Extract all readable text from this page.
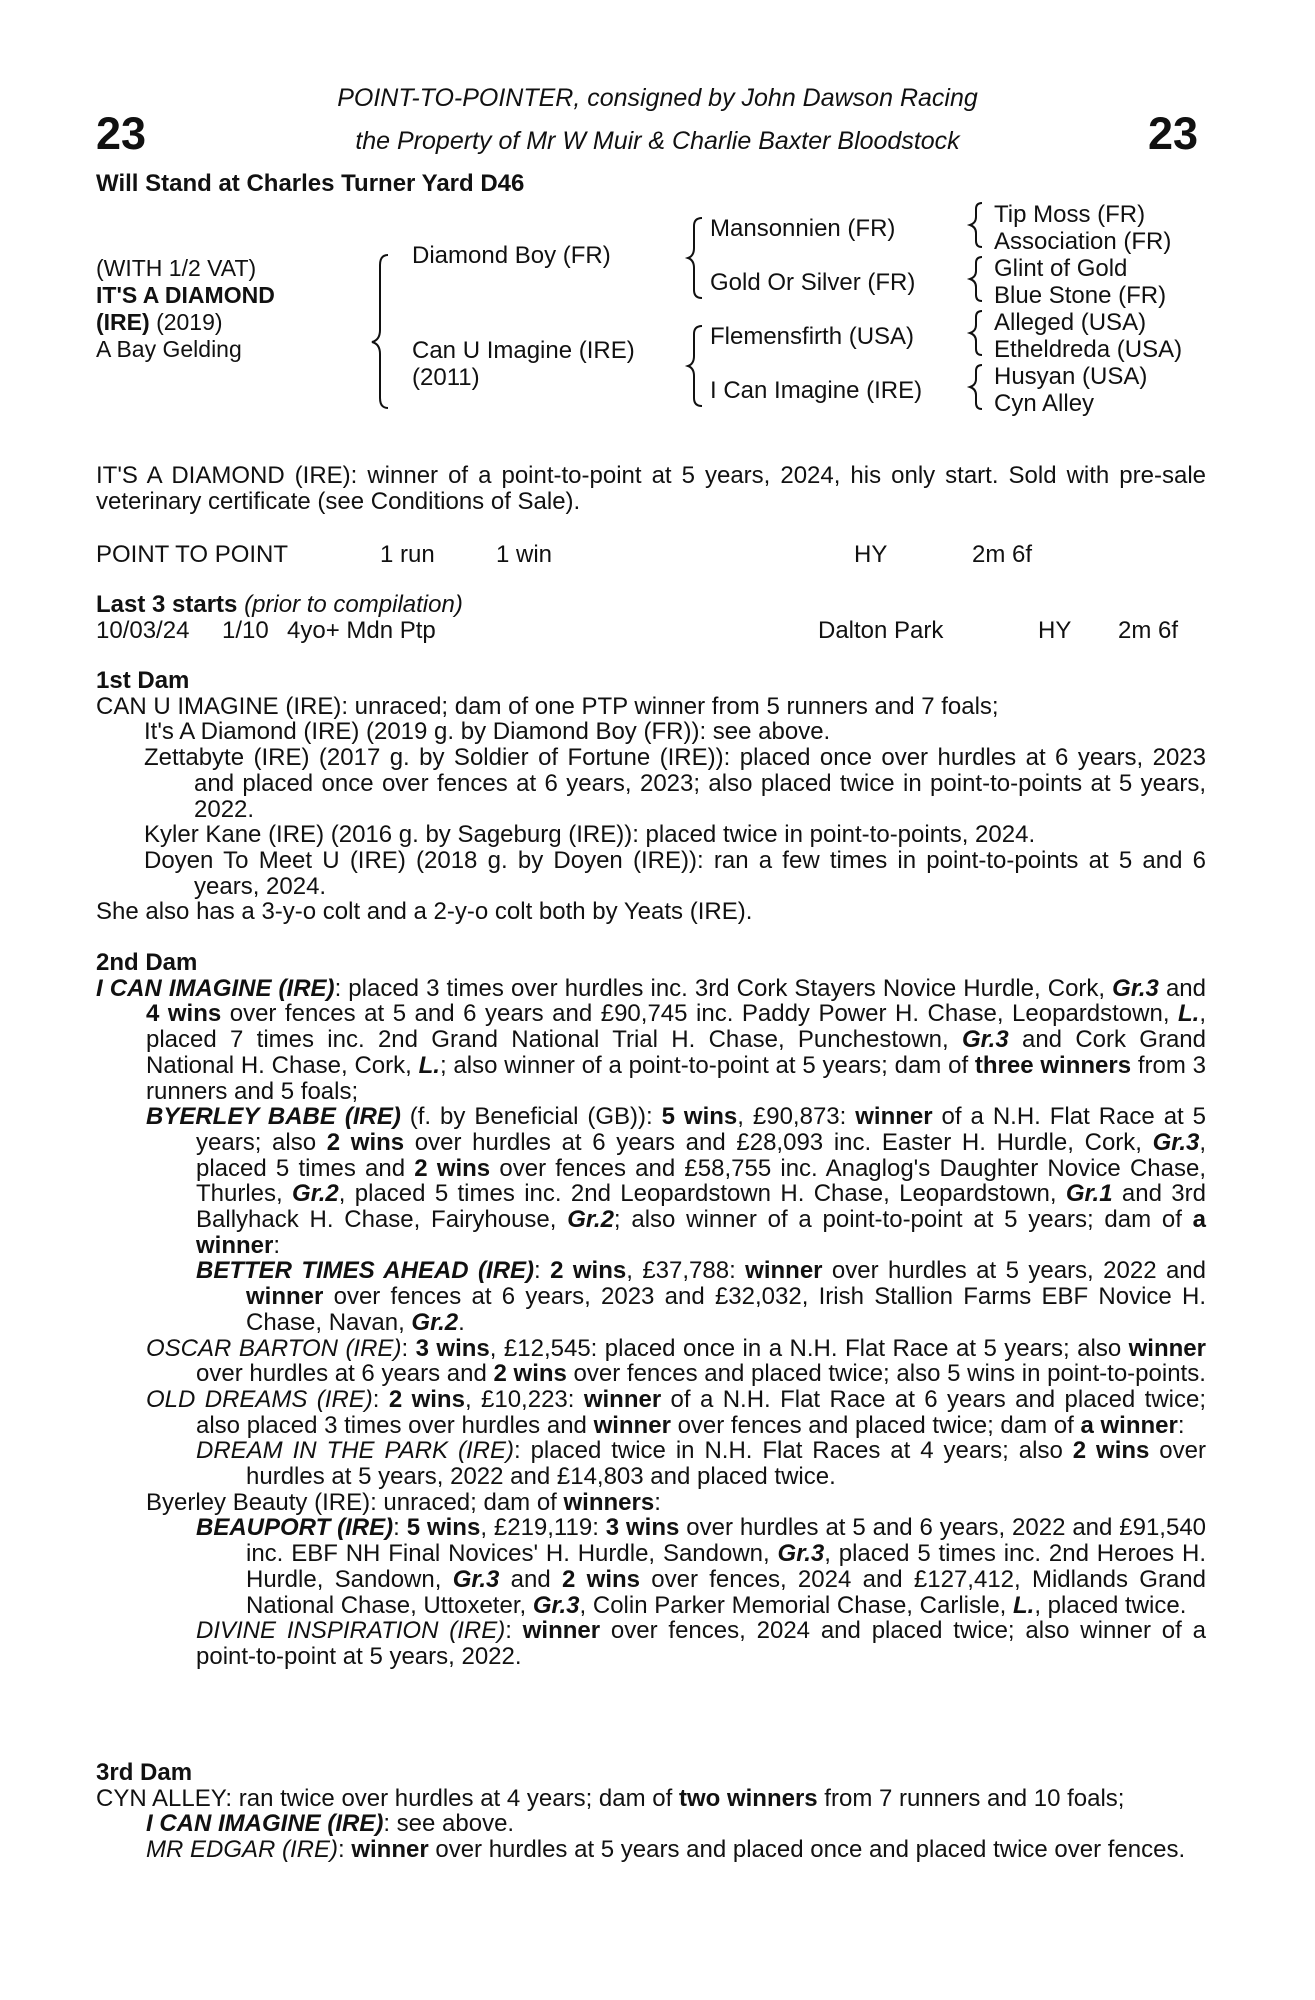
23	23
POINT-TO-POINTER, consigned by John Dawson Racing
the Property of Mr W Muir & Charlie Baxter Bloodstock
Will Stand at Charles Turner Yard D46
(WITH 1/2 VAT)
IT'S A DIAMOND
(IRE) (2019)
A Bay Gelding
Diamond Boy (FR)
Can U Imagine (IRE)
(2011)
Mansonnien (FR)
Gold Or Silver (FR)
Flemensfirth (USA)
I Can Imagine (IRE)
Tip Moss (FR)
Association (FR)
Glint of Gold
Blue Stone (FR)
Alleged (USA)
Etheldreda (USA)
Husyan (USA)
Cyn Alley

IT'S A DIAMOND (IRE): winner of a point-to-point at 5 years, 2024, his only start. Sold with pre-sale veterinary certificate (see Conditions of Sale).

POINT TO POINT	1 run	1 win	HY	2m 6f
Last 3 starts (prior to compilation)
10/03/24 1/10 4yo+ Mdn Ptp	Dalton Park	HY 2m 6f
1st Dam

CAN U IMAGINE (IRE): unraced; dam of one PTP winner from 5 runners and 7 foals;

It's A Diamond (IRE) (2019 g. by Diamond Boy (FR)): see above.

Zettabyte (IRE) (2017 g. by Soldier of Fortune (IRE)): placed once over hurdles at 6 years, 2023 and placed once over fences at 6 years, 2023; also placed twice in point-to-points at 5 years, 2022.

Kyler Kane (IRE) (2016 g. by Sageburg (IRE)): placed twice in point-to-points, 2024.

Doyen To Meet U (IRE) (2018 g. by Doyen (IRE)): ran a few times in point-to-points at 5 and 6 years, 2024.

She also has a 3-y-o colt and a 2-y-o colt both by Yeats (IRE).

2nd Dam

I CAN IMAGINE (IRE): placed 3 times over hurdles inc. 3rd Cork Stayers Novice Hurdle, Cork, Gr.3 and 4 wins over fences at 5 and 6 years and £90,745 inc. Paddy Power H. Chase, Leopardstown, L., placed 7 times inc. 2nd Grand National Trial H. Chase, Punchestown, Gr.3 and Cork Grand National H. Chase, Cork, L.; also winner of a point-to-point at 5 years; dam of three winners from 3 runners and 5 foals;

BYERLEY BABE (IRE) (f. by Beneficial (GB)): 5 wins, £90,873: winner of a N.H. Flat Race at 5 years; also 2 wins over hurdles at 6 years and £28,093 inc. Easter H. Hurdle, Cork, Gr.3, placed 5 times and 2 wins over fences and £58,755 inc. Anaglog's Daughter Novice Chase, Thurles, Gr.2, placed 5 times inc. 2nd Leopardstown H. Chase, Leopardstown, Gr.1 and 3rd Ballyhack H. Chase, Fairyhouse, Gr.2; also winner of a point-to-point at 5 years; dam of a winner:

BETTER TIMES AHEAD (IRE): 2 wins, £37,788: winner over hurdles at 5 years, 2022 and winner over fences at 6 years, 2023 and £32,032, Irish Stallion Farms EBF Novice H. Chase, Navan, Gr.2.

OSCAR BARTON (IRE): 3 wins, £12,545: placed once in a N.H. Flat Race at 5 years; also winner over hurdles at 6 years and 2 wins over fences and placed twice; also 5 wins in point-to-points.

OLD DREAMS (IRE): 2 wins, £10,223: winner of a N.H. Flat Race at 6 years and placed twice; also placed 3 times over hurdles and winner over fences and placed twice; dam of a winner:

DREAM IN THE PARK (IRE): placed twice in N.H. Flat Races at 4 years; also 2 wins over hurdles at 5 years, 2022 and £14,803 and placed twice.

Byerley Beauty (IRE): unraced; dam of winners:

BEAUPORT (IRE): 5 wins, £219,119: 3 wins over hurdles at 5 and 6 years, 2022 and £91,540 inc. EBF NH Final Novices' H. Hurdle, Sandown, Gr.3, placed 5 times inc. 2nd Heroes H. Hurdle, Sandown, Gr.3 and 2 wins over fences, 2024 and £127,412, Midlands Grand National Chase, Uttoxeter, Gr.3, Colin Parker Memorial Chase, Carlisle, L., placed twice.

DIVINE INSPIRATION (IRE): winner over fences, 2024 and placed twice; also winner of a point-to-point at 5 years, 2022.

3rd Dam

CYN ALLEY: ran twice over hurdles at 4 years; dam of two winners from 7 runners and 10 foals;

I CAN IMAGINE (IRE): see above.

MR EDGAR (IRE): winner over hurdles at 5 years and placed once and placed twice over fences.
